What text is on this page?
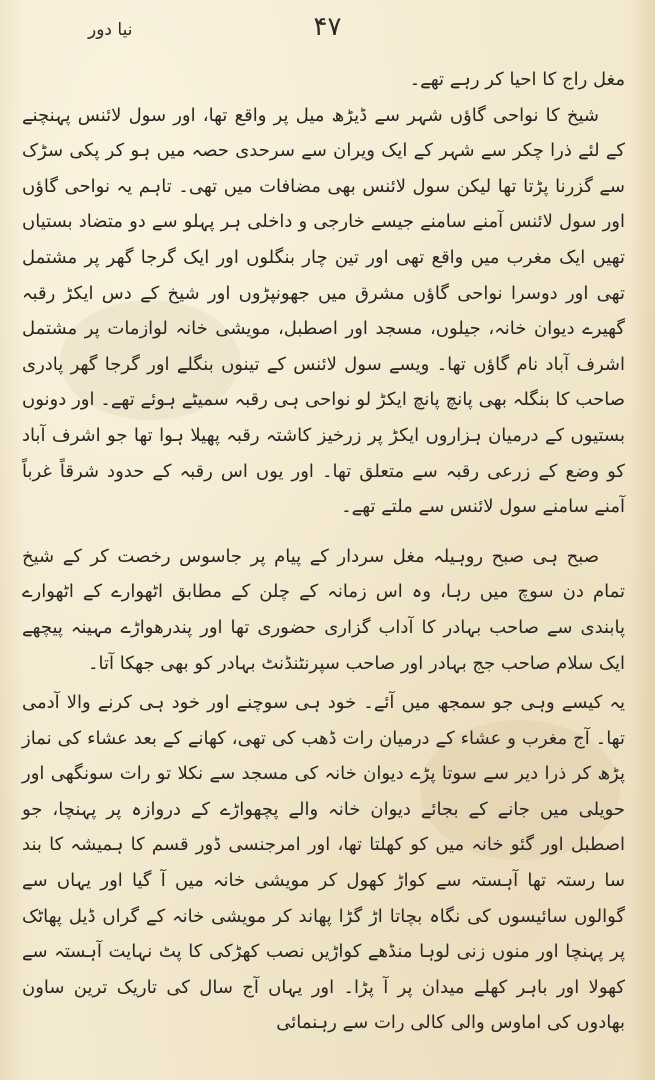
۴۷
نیا دور

مغل راج کا احیا کر رہے تھے۔

شیخ کا نواحی گاؤں شہر سے ڈیڑھ میل پر واقع تھا، اور سول لائنس پہنچنے کے لئے ذرا چکر سے شہر کے ایک ویران سے سرحدی حصہ میں ہو کر پکی سڑک سے گزرنا پڑتا تھا لیکن سول لائنس بھی مضافات میں تھی۔ تاہم یہ نواحی گاؤں اور سول لائنس آمنے سامنے جیسے خارجی و داخلی ہر پہلو سے دو متضاد بستیاں تھیں ایک مغرب میں واقع تھی اور تین چار بنگلوں اور ایک گرجا گھر پر مشتمل تھی اور دوسرا نواحی گاؤں مشرق میں جھونپڑوں اور شیخ کے دس ایکڑ رقبہ گھیرے دیوان خانہ، جیلوں، مسجد اور اصطبل، مویشی خانہ لوازمات پر مشتمل اشرف آباد نام گاؤں تھا۔ ویسے سول لائنس کے تینوں بنگلے اور گرجا گھر پادری صاحب کا بنگلہ بھی پانچ پانچ ایکڑ لو نواحی ہی رقبہ سمیٹے ہوئے تھے۔ اور دونوں بستیوں کے درمیان ہزاروں ایکڑ پر زرخیز کاشتہ رقبہ پھیلا ہوا تھا جو اشرف آباد کو وضع کے زرعی رقبہ سے متعلق تھا۔ اور یوں اس رقبہ کے حدود شرقاً غرباً آمنے سامنے سول لائنس سے ملتے تھے۔

صبح ہی صبح روہیلہ مغل سردار کے پیام پر جاسوس رخصت کر کے شیخ تمام دن سوچ میں رہا، وہ اس زمانہ کے چلن کے مطابق اٹھوارے کے اٹھوارے پابندی سے صاحب بہادر کا آداب گزاری حضوری تھا اور پندرھواڑے مہینہ پیچھے ایک سلام صاحب جج بہادر اور صاحب سپرنٹنڈنٹ بہادر کو بھی جھکا آتا۔

یہ کیسے وہی جو سمجھ میں آئے۔ خود ہی سوچنے اور خود ہی کرنے والا آدمی تھا۔ آج مغرب و عشاء کے درمیان رات ڈھب کی تھی، کھانے کے بعد عشاء کی نماز پڑھ کر ذرا دیر سے سوتا پڑے دیوان خانہ کی مسجد سے نکلا تو رات سونگھی اور حویلی میں جانے کے بجائے دیوان خانہ والے پچھواڑے کے دروازہ پر پہنچا، جو اصطبل اور گئو خانہ میں کو کھلتا تھا، اور امرجنسی ڈور قسم کا ہمیشہ کا بند سا رستہ تھا آہستہ سے کواڑ کھول کر مویشی خانہ میں آ گیا اور یہاں سے گوالوں سائیسوں کی نگاہ بچاتا اڑ گڑا پھاند کر مویشی خانہ کے گراں ڈیل پھاٹک پر پہنچا اور منوں زنی لوہا منڈھے کواڑیں نصب کھڑکی کا پٹ نہایت آہستہ سے کھولا اور باہر کھلے میدان پر آ پڑا۔ اور یہاں آج سال کی تاریک ترین ساون بھادوں کی اماوس والی کالی رات سے رہنمائی
